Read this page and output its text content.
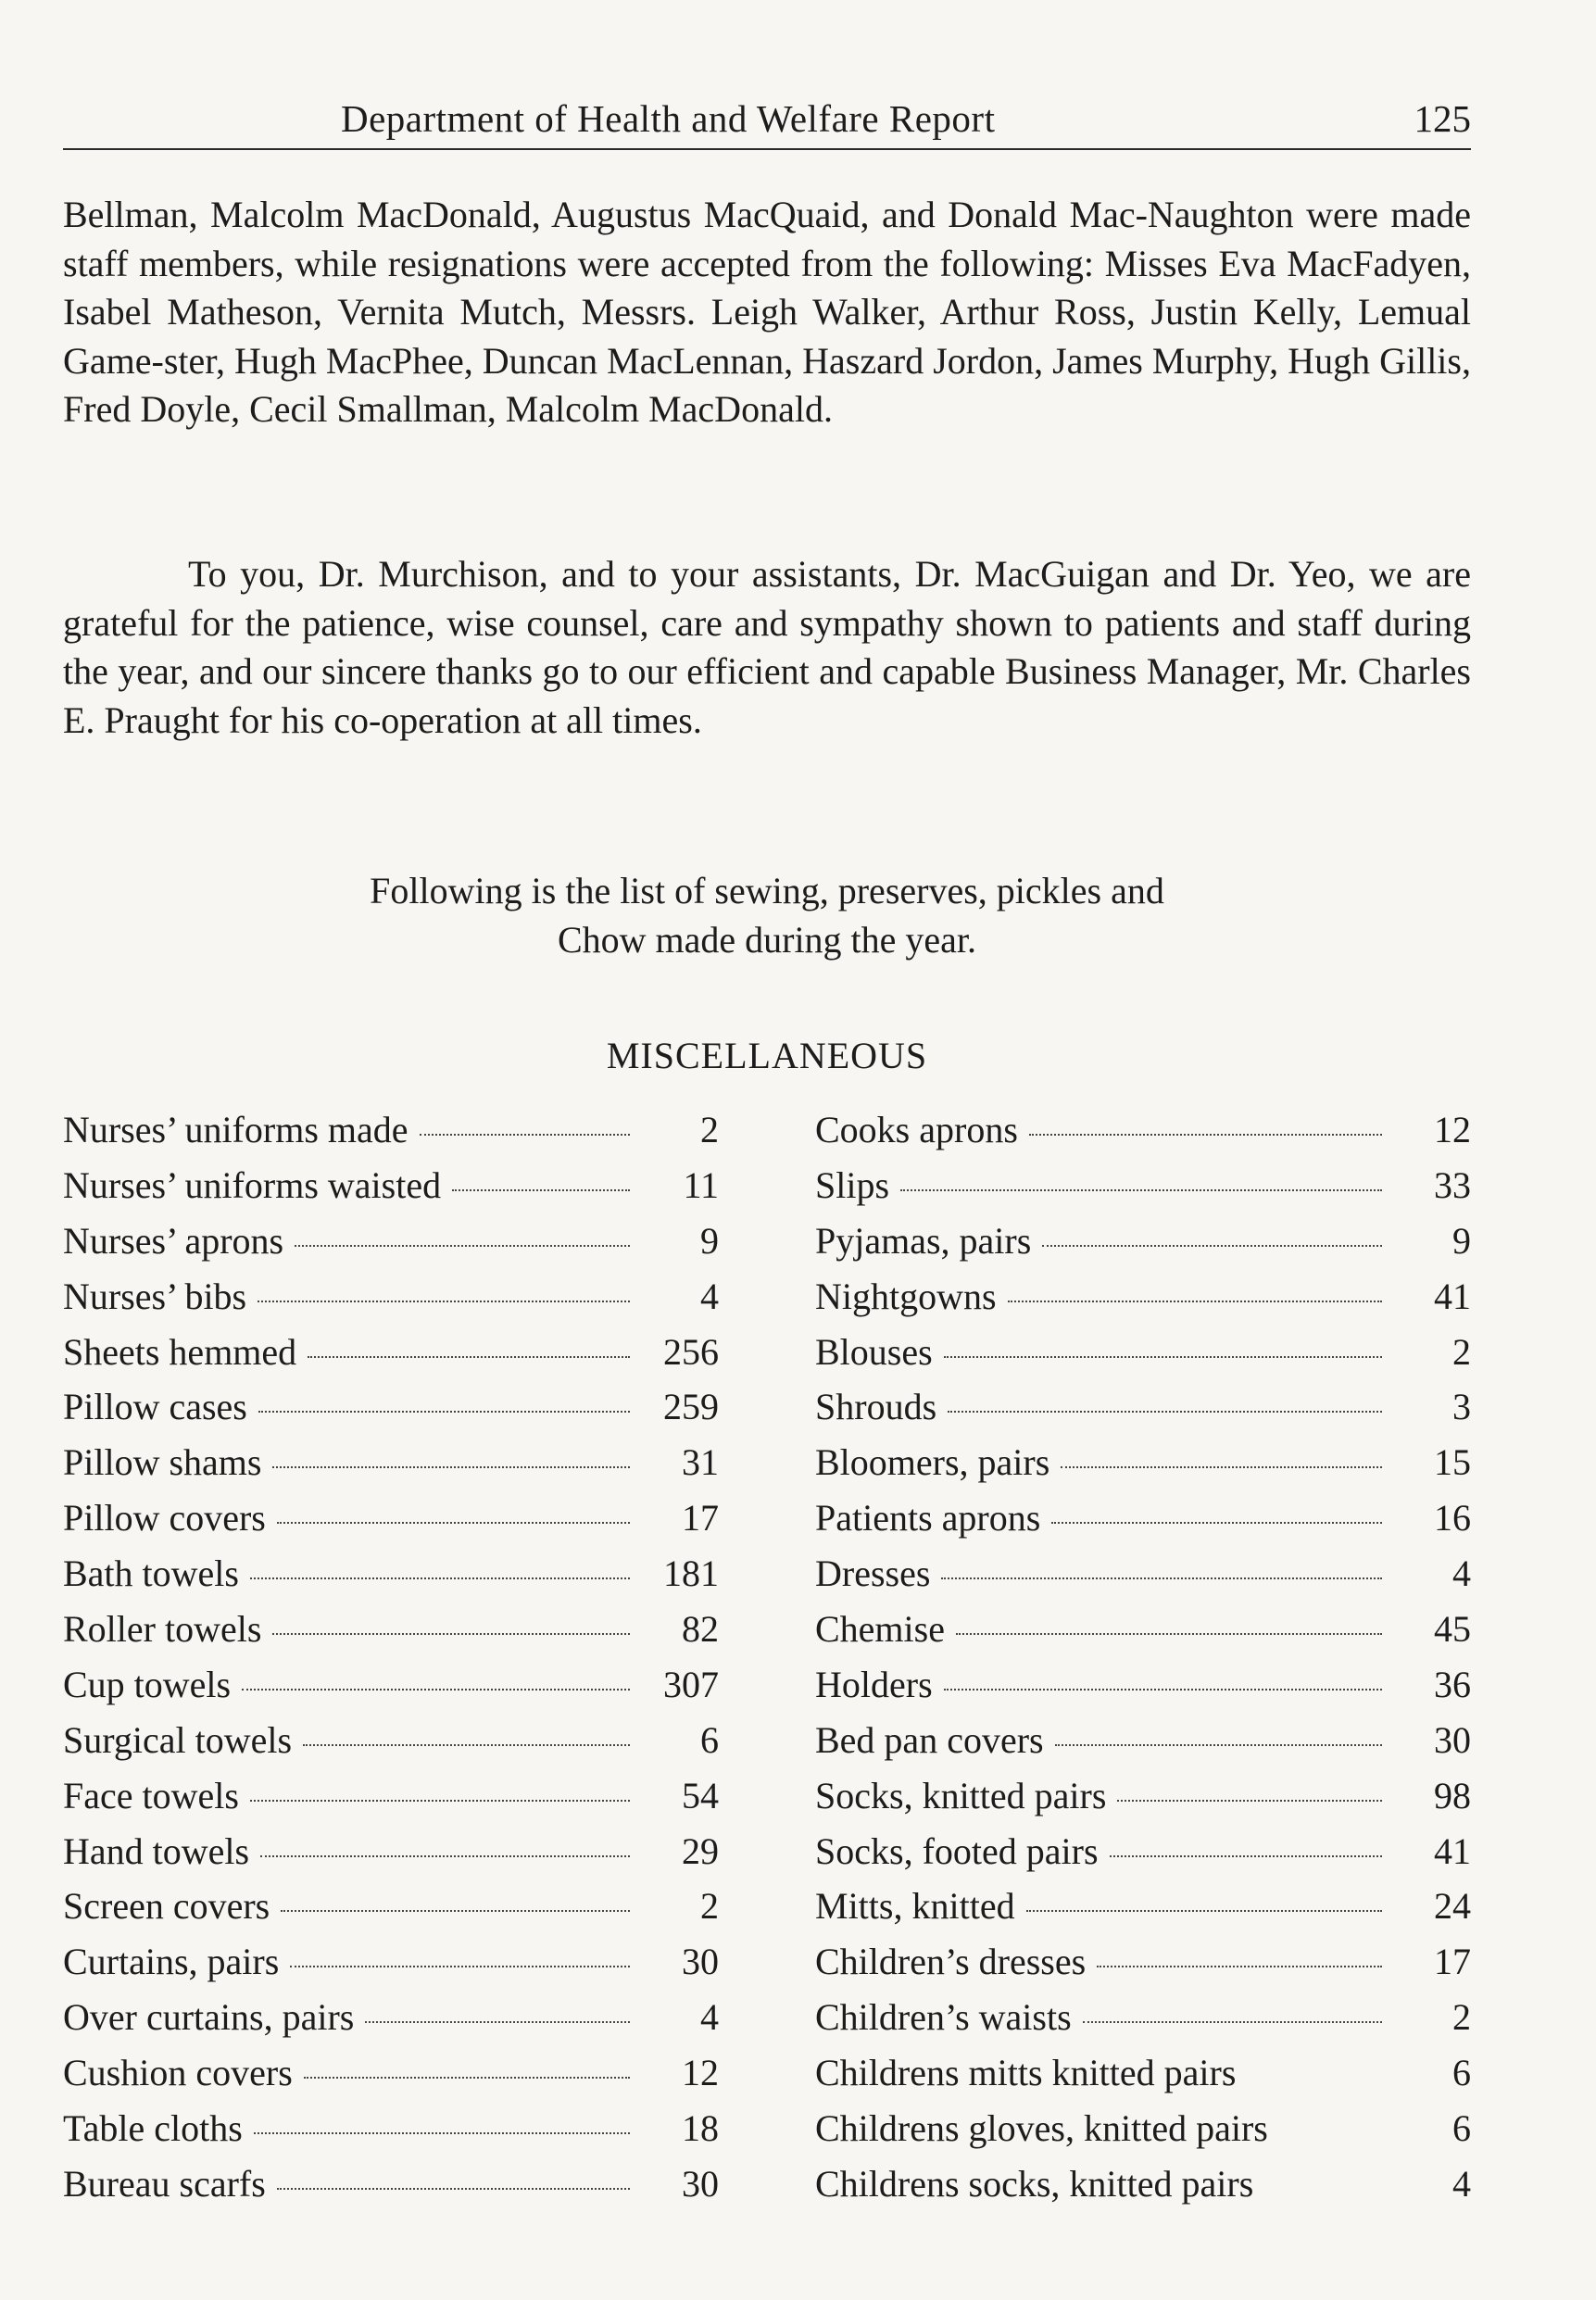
Department of Health and Welfare Report	125

Bellman, Malcolm MacDonald, Augustus MacQuaid, and Donald Mac-Naughton were made staff members, while resignations were accepted from the following: Misses Eva MacFadyen, Isabel Matheson, Vernita Mutch, Messrs. Leigh Walker, Arthur Ross, Justin Kelly, Lemual Game-ster, Hugh MacPhee, Duncan MacLennan, Haszard Jordon, James Murphy, Hugh Gillis, Fred Doyle, Cecil Smallman, Malcolm MacDonald.

To you, Dr. Murchison, and to your assistants, Dr. MacGuigan and Dr. Yeo, we are grateful for the patience, wise counsel, care and sympathy shown to patients and staff during the year, and our sincere thanks go to our efficient and capable Business Manager, Mr. Charles E. Praught for his co-operation at all times.

Following is the list of sewing, preserves, pickles and
Chow made during the year.
MISCELLANEOUS
Nurses’ uniforms made	2
Nurses’ uniforms waisted	11
Nurses’ aprons	9
Nurses’ bibs	4
Sheets hemmed	256
Pillow cases	259
Pillow shams	31
Pillow covers	17
Bath towels	181
Roller towels	82
Cup towels	307
Surgical towels	6
Face towels	54
Hand towels	29
Screen covers	2
Curtains, pairs	30
Over curtains, pairs	4
Cushion covers	12
Table cloths	18
Bureau scarfs	30
Cooks aprons	12
Slips	33
Pyjamas, pairs	9
Nightgowns	41
Blouses	2
Shrouds	3
Bloomers, pairs	15
Patients aprons	16
Dresses	4
Chemise	45
Holders	36
Bed pan covers	30
Socks, knitted pairs	98
Socks, footed pairs	41
Mitts, knitted	24
Children’s dresses	17
Children’s waists	2
Childrens mitts knitted pairs	6
Childrens gloves, knitted pairs	6
Childrens socks, knitted pairs	4
